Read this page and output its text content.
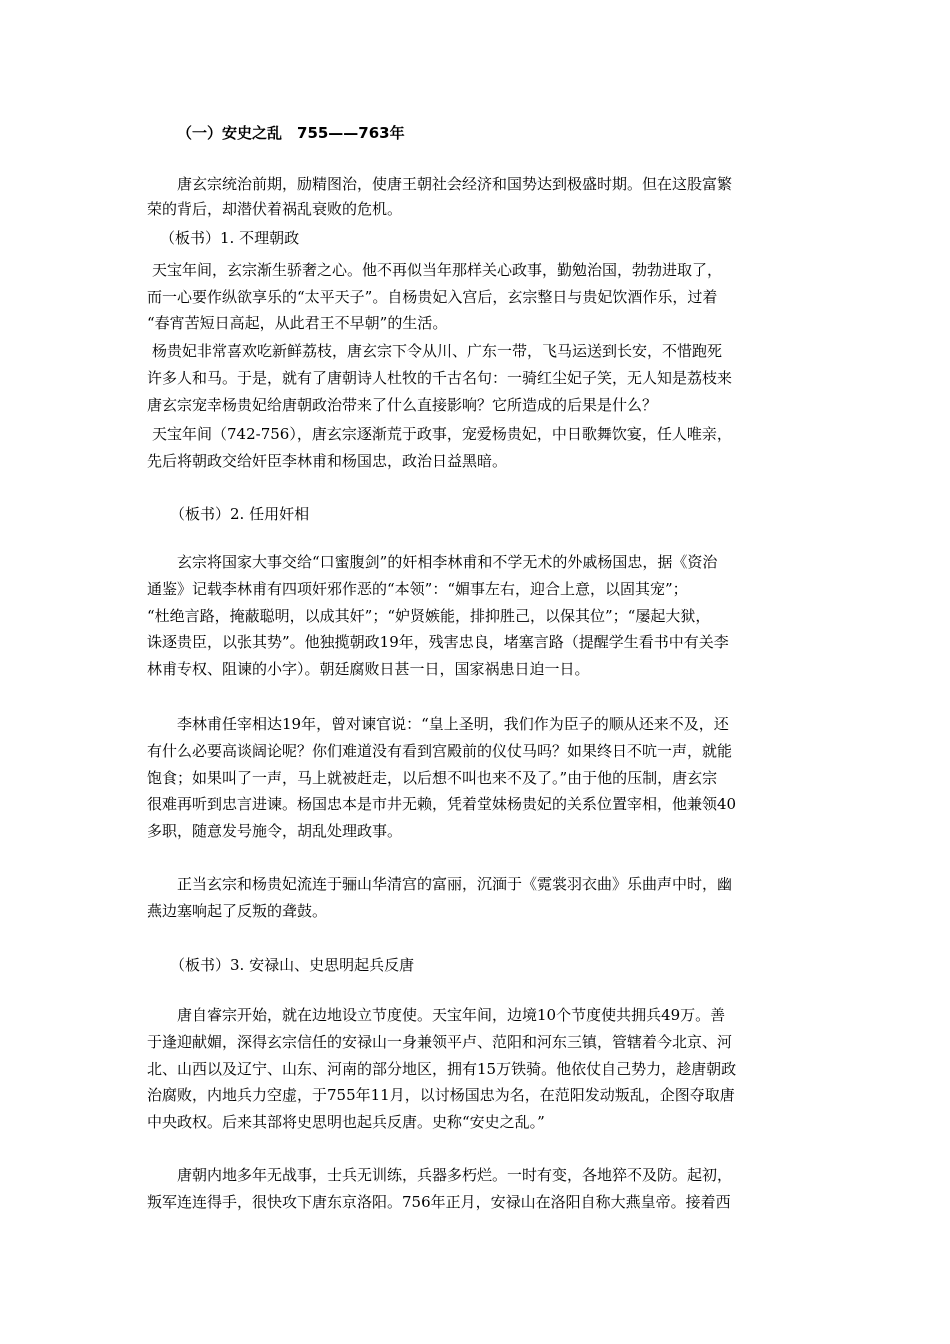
（一）安史之乱　755——763年
唐玄宗统治前期，励精图治，使唐王朝社会经济和国势达到极盛时期。但在这股富繁
荣的背后，却潜伏着祸乱衰败的危机。
（板书）1. 不理朝政
天宝年间，玄宗渐生骄奢之心。他不再似当年那样关心政事，勤勉治国，勃勃进取了，
而一心要作纵欲享乐的“太平天子”。自杨贵妃入宫后，玄宗整日与贵妃饮酒作乐，过着
“春宵苦短日高起，从此君王不早朝”的生活。
杨贵妃非常喜欢吃新鲜荔枝，唐玄宗下令从川、广东一带，飞马运送到长安，不惜跑死
许多人和马。于是，就有了唐朝诗人杜牧的千古名句：一骑红尘妃子笑，无人知是荔枝来
唐玄宗宠幸杨贵妃给唐朝政治带来了什么直接影响？它所造成的后果是什么？
天宝年间（742-756），唐玄宗逐渐荒于政事，宠爱杨贵妃，中日歌舞饮宴，任人唯亲，
先后将朝政交给奸臣李林甫和杨国忠，政治日益黑暗。
（板书）2. 任用奸相
玄宗将国家大事交给“口蜜腹剑”的奸相李林甫和不学无术的外戚杨国忠，据《资治
通鉴》记载李林甫有四项奸邪作恶的“本领”：“媚事左右，迎合上意，以固其宠”；
“杜绝言路，掩蔽聪明，以成其奸”；“妒贤嫉能，排抑胜己，以保其位”；“屡起大狱，
诛逐贵臣，以张其势”。他独揽朝政19年，残害忠良，堵塞言路（提醒学生看书中有关李
林甫专权、阻谏的小字）。朝廷腐败日甚一日，国家祸患日迫一日。
李林甫任宰相达19年，曾对谏官说：“皇上圣明，我们作为臣子的顺从还来不及，还
有什么必要高谈阔论呢？你们难道没有看到宫殿前的仪仗马吗？如果终日不吭一声，就能
饱食；如果叫了一声，马上就被赶走，以后想不叫也来不及了。”由于他的压制，唐玄宗
很难再听到忠言进谏。杨国忠本是市井无赖，凭着堂妹杨贵妃的关系位置宰相，他兼领40
多职，随意发号施令，胡乱处理政事。
正当玄宗和杨贵妃流连于骊山华清宫的富丽，沉湎于《霓裳羽衣曲》乐曲声中时，幽
燕边塞响起了反叛的聋鼓。
（板书）3. 安禄山、史思明起兵反唐
唐自睿宗开始，就在边地设立节度使。天宝年间，边境10个节度使共拥兵49万。善
于逢迎献媚，深得玄宗信任的安禄山一身兼领平卢、范阳和河东三镇，管辖着今北京、河
北、山西以及辽宁、山东、河南的部分地区，拥有15万铁骑。他依仗自己势力，趁唐朝政
治腐败，内地兵力空虚，于755年11月，以讨杨国忠为名，在范阳发动叛乱，企图夺取唐
中央政权。后来其部将史思明也起兵反唐。史称“安史之乱。”
唐朝内地多年无战事，士兵无训练，兵器多朽烂。一时有变，各地猝不及防。起初，
叛军连连得手，很快攻下唐东京洛阳。756年正月，安禄山在洛阳自称大燕皇帝。接着西
